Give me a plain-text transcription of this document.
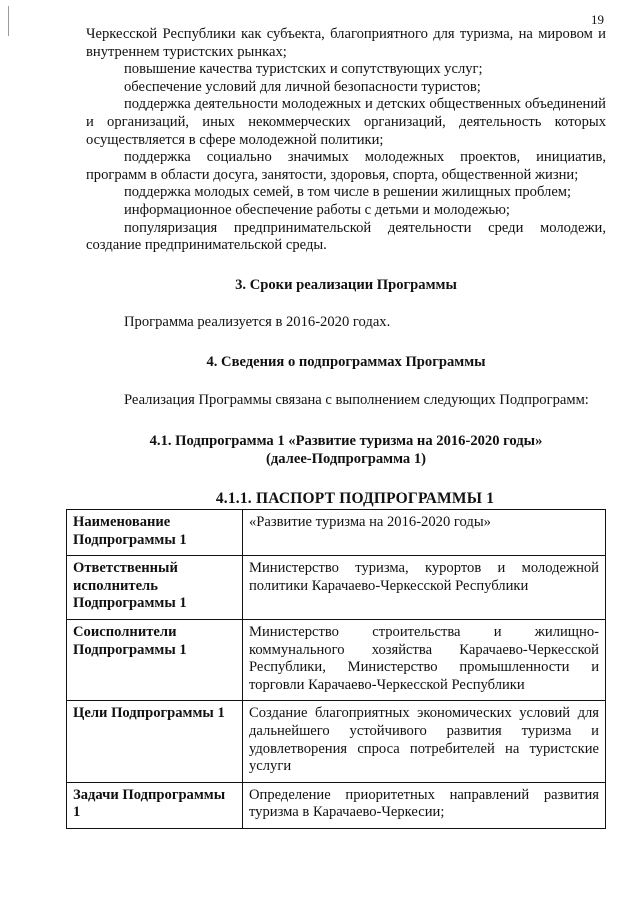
19

Черкесской Республики как субъекта, благоприятного для туризма, на мировом и внутреннем туристских рынках;

повышение качества туристских и сопутствующих услуг;

обеспечение условий для личной безопасности туристов;

поддержка деятельности молодежных и детских общественных объединений и организаций, иных некоммерческих организаций, деятельность которых осуществляется в сфере молодежной политики;

поддержка социально значимых молодежных проектов, инициатив, программ в области досуга, занятости, здоровья, спорта, общественной жизни;

поддержка молодых семей, в том числе в решении жилищных проблем;

информационное обеспечение работы с детьми и молодежью;

популяризация предпринимательской деятельности среди молодежи, создание предпринимательской среды.

3. Сроки реализации Программы

Программа реализуется в 2016-2020 годах.

4. Сведения о подпрограммах Программы

Реализация Программы связана с выполнением следующих Подпрограмм:

4.1. Подпрограмма 1 «Развитие туризма на 2016-2020 годы»

(далее-Подпрограмма 1)

4.1.1. ПАСПОРТ ПОДПРОГРАММЫ 1

Наименование Подпрограммы 1	«Развитие туризма на 2016-2020 годы»
Ответственный исполнитель Подпрограммы 1	Министерство туризма, курортов и молодежной политики Карачаево-Черкесской Республики
Соисполнители Подпрограммы 1	Министерство строительства и жилищно-коммунального хозяйства Карачаево-Черкесской Республики, Министерство промышленности и торговли Карачаево-Черкесской Республики
Цели Подпрограммы 1	Создание благоприятных экономических условий для дальнейшего устойчивого развития туризма и удовлетворения спроса потребителей на туристские услуги
Задачи Подпрограммы 1	Определение приоритетных направлений развития туризма в Карачаево-Черкесии;
